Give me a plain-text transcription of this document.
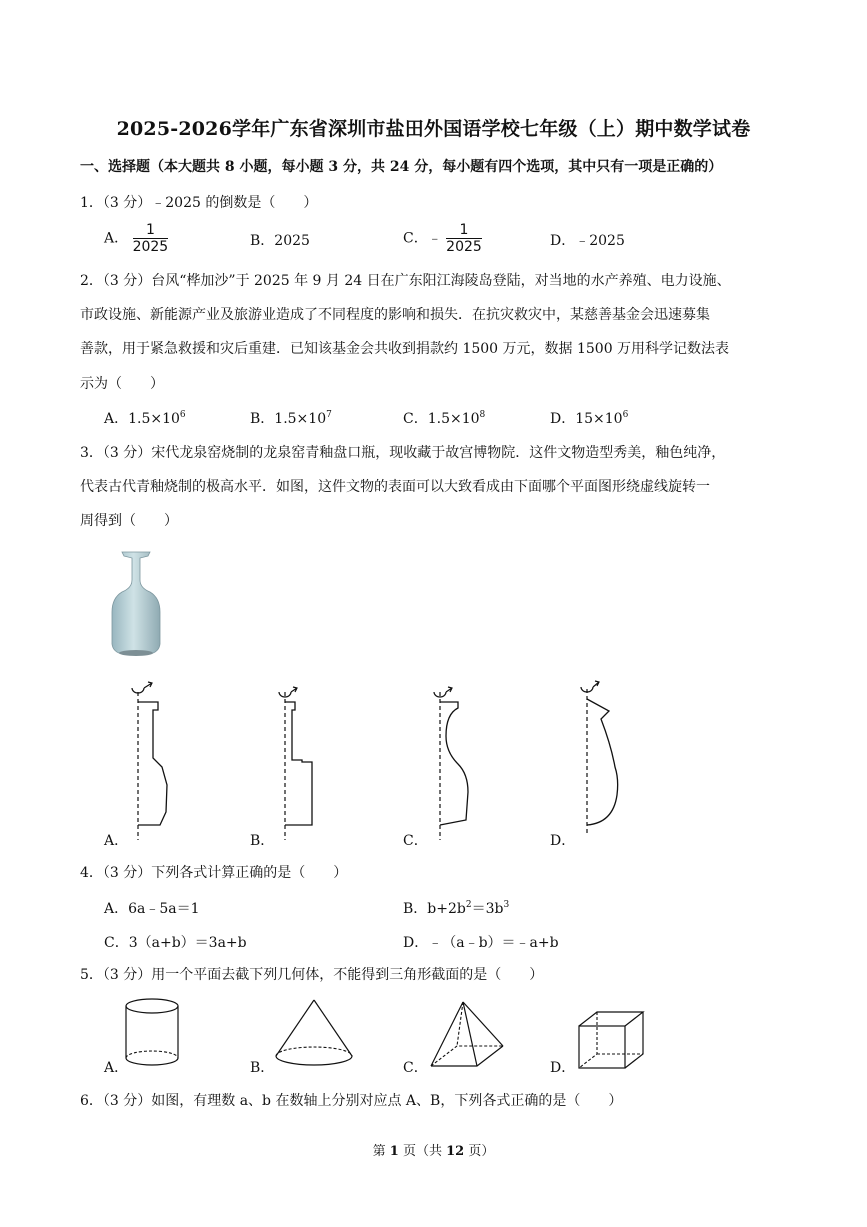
2025-2026学年广东省深圳市盐田外国语学校七年级（上）期中数学试卷
一、选择题（本大题共 8 小题，每小题 3 分，共 24 分，每小题有四个选项，其中只有一项是正确的）
1．（3 分）﹣2025 的倒数是（　　）
A． $\frac{1}{2025}$	B．2025	C．﹣ $\frac{1}{2025}$	D．﹣2025
2．（3 分）台风“桦加沙”于 2025 年 9 月 24 日在广东阳江海陵岛登陆，对当地的水产养殖、电力设施、
市政设施、新能源产业及旅游业造成了不同程度的影响和损失．在抗灾救灾中，某慈善基金会迅速募集
善款，用于紧急救援和灾后重建．已知该基金会共收到捐款约 1500 万元，数据 1500 万用科学记数法表
示为（　　）
A．$1.5\times 10^6$	B．$1.5\times 10^7$	C．$1.5\times 10^8$	D．$15\times 10^6$
3．（3 分）宋代龙泉窑烧制的龙泉窑青釉盘口瓶，现收藏于故宫博物院．这件文物造型秀美，釉色纯净，
代表古代青釉烧制的极高水平．如图，这件文物的表面可以大致看成由下面哪个平面图形绕虚线旋转一
周得到（　　）
A．	B．	C．	D．
4．（3 分）下列各式计算正确的是（　　）
A．6a﹣5a＝1	B．$b+2b^2=3b^3$
C．3（a+b）＝3a+b	D．﹣（a﹣b）＝﹣a+b
5．（3 分）用一个平面去截下列几何体，不能得到三角形截面的是（　　）
A．	B．	C．	D．
6．（3 分）如图，有理数 a、b 在数轴上分别对应点 A、B，下列各式正确的是（　　）
第 1 页（共 12 页）
